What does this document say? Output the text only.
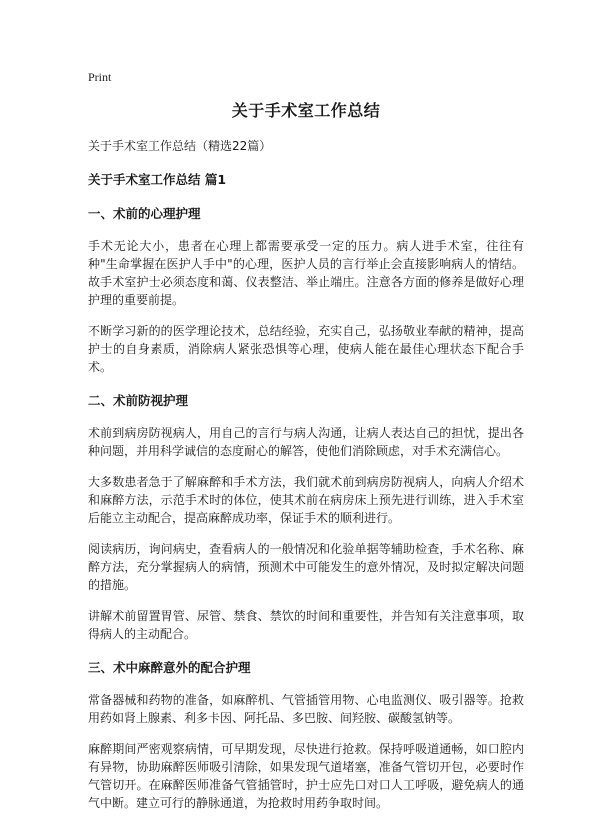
Print
关于手术室工作总结

关于手术室工作总结（精选22篇）

关于手术室工作总结 篇1

一、术前的心理护理

手术无论大小，患者在心理上都需要承受一定的压力。病人进手术室，往往有种"生命掌握在医护人手中"的心理，医护人员的言行举止会直接影响病人的情结。故手术室护士必须态度和蔼、仪表整洁、举止端庄。注意各方面的修养是做好心理护理的重要前提。

不断学习新的的医学理论技术，总结经验，充实自己，弘扬敬业奉献的精神，提高护士的自身素质，消除病人紧张恐惧等心理，使病人能在最佳心理状态下配合手术。

二、术前防视护理

术前到病房防视病人，用自己的言行与病人沟通，让病人表达自己的担忧，提出各种问题，并用科学诚信的态度耐心的解答，使他们消除顾虑，对手术充满信心。

大多数患者急于了解麻醉和手术方法，我们就术前到病房防视病人，向病人介绍术和麻醉方法，示范手术时的体位，使其术前在病房床上预先进行训练，进入手术室后能立主动配合，提高麻醉成功率，保证手术的顺利进行。

阅读病历，询问病史，查看病人的一般情况和化验单据等辅助检查，手术名称、麻醉方法，充分掌握病人的病情，预测术中可能发生的意外情况，及时拟定解决问题的措施。

讲解术前留置胃管、尿管、禁食、禁饮的时间和重要性，并告知有关注意事项，取得病人的主动配合。

三、术中麻醉意外的配合护理

常备器械和药物的准备，如麻醉机、气管插管用物、心电监测仪、吸引器等。抢救用药如肾上腺素、利多卡因、阿托品、多巴胺、间羟胺、碳酸氢钠等。

麻醉期间严密观察病情，可早期发现，尽快进行抢救。保持呼吸道通畅，如口腔内有异物，协助麻醉医师吸引清除，如果发现气道堵塞，准备气管切开包，必要时作气管切开。在麻醉医师准备气管插管时，护士应先口对口人工呼吸，避免病人的通气中断。建立可行的静脉通道，为抢救时用药争取时间。
